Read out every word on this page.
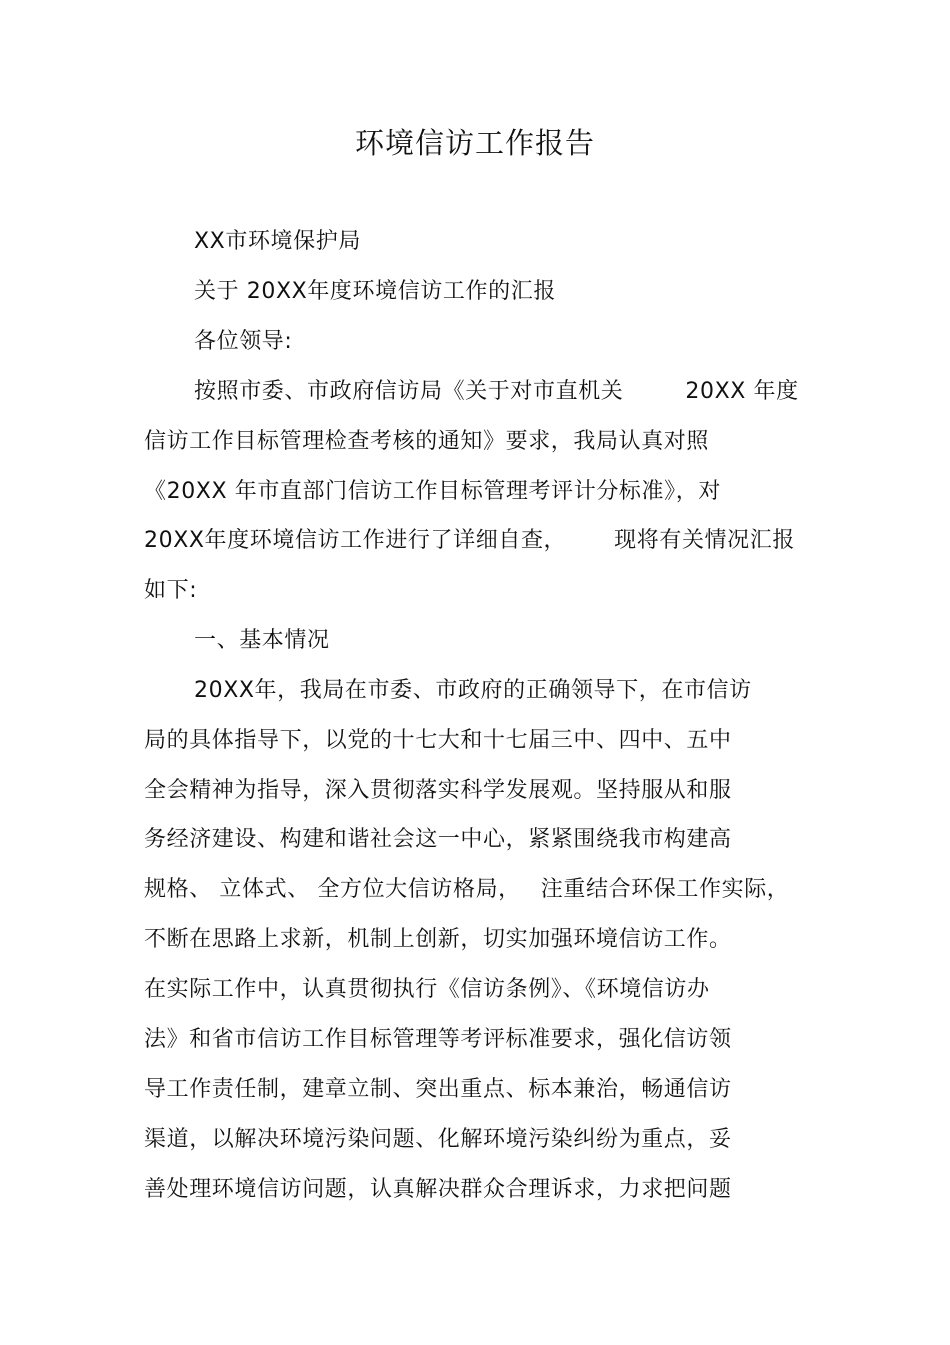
环境信访工作报告
XX市环境保护局
关于 20XX年度环境信访工作的汇报
各位领导:
按照市委、市政府信访局《关于对市直机关	20XX 年度
信访工作目标管理检查考核的通知》要求，我局认真对照
《20XX 年市直部门信访工作目标管理考评计分标准》，对
20XX年度环境信访工作进行了详细自查， 现将有关情况汇报
如下:
一、基本情况
20XX年，我局在市委、市政府的正确领导下，在市信访
局的具体指导下，以党的十七大和十七届三中、四中、五中
全会精神为指导，深入贯彻落实科学发展观。坚持服从和服
务经济建设、构建和谐社会这一中心，紧紧围绕我市构建高
规格、 立体式、 全方位大信访格局， 注重结合环保工作实际，
不断在思路上求新，机制上创新，切实加强环境信访工作。
在实际工作中，认真贯彻执行《信访条例》、《环境信访办
法》和省市信访工作目标管理等考评标准要求，强化信访领
导工作责任制，建章立制、突出重点、标本兼治，畅通信访
渠道，以解决环境污染问题、化解环境污染纠纷为重点，妥
善处理环境信访问题，认真解决群众合理诉求，力求把问题
